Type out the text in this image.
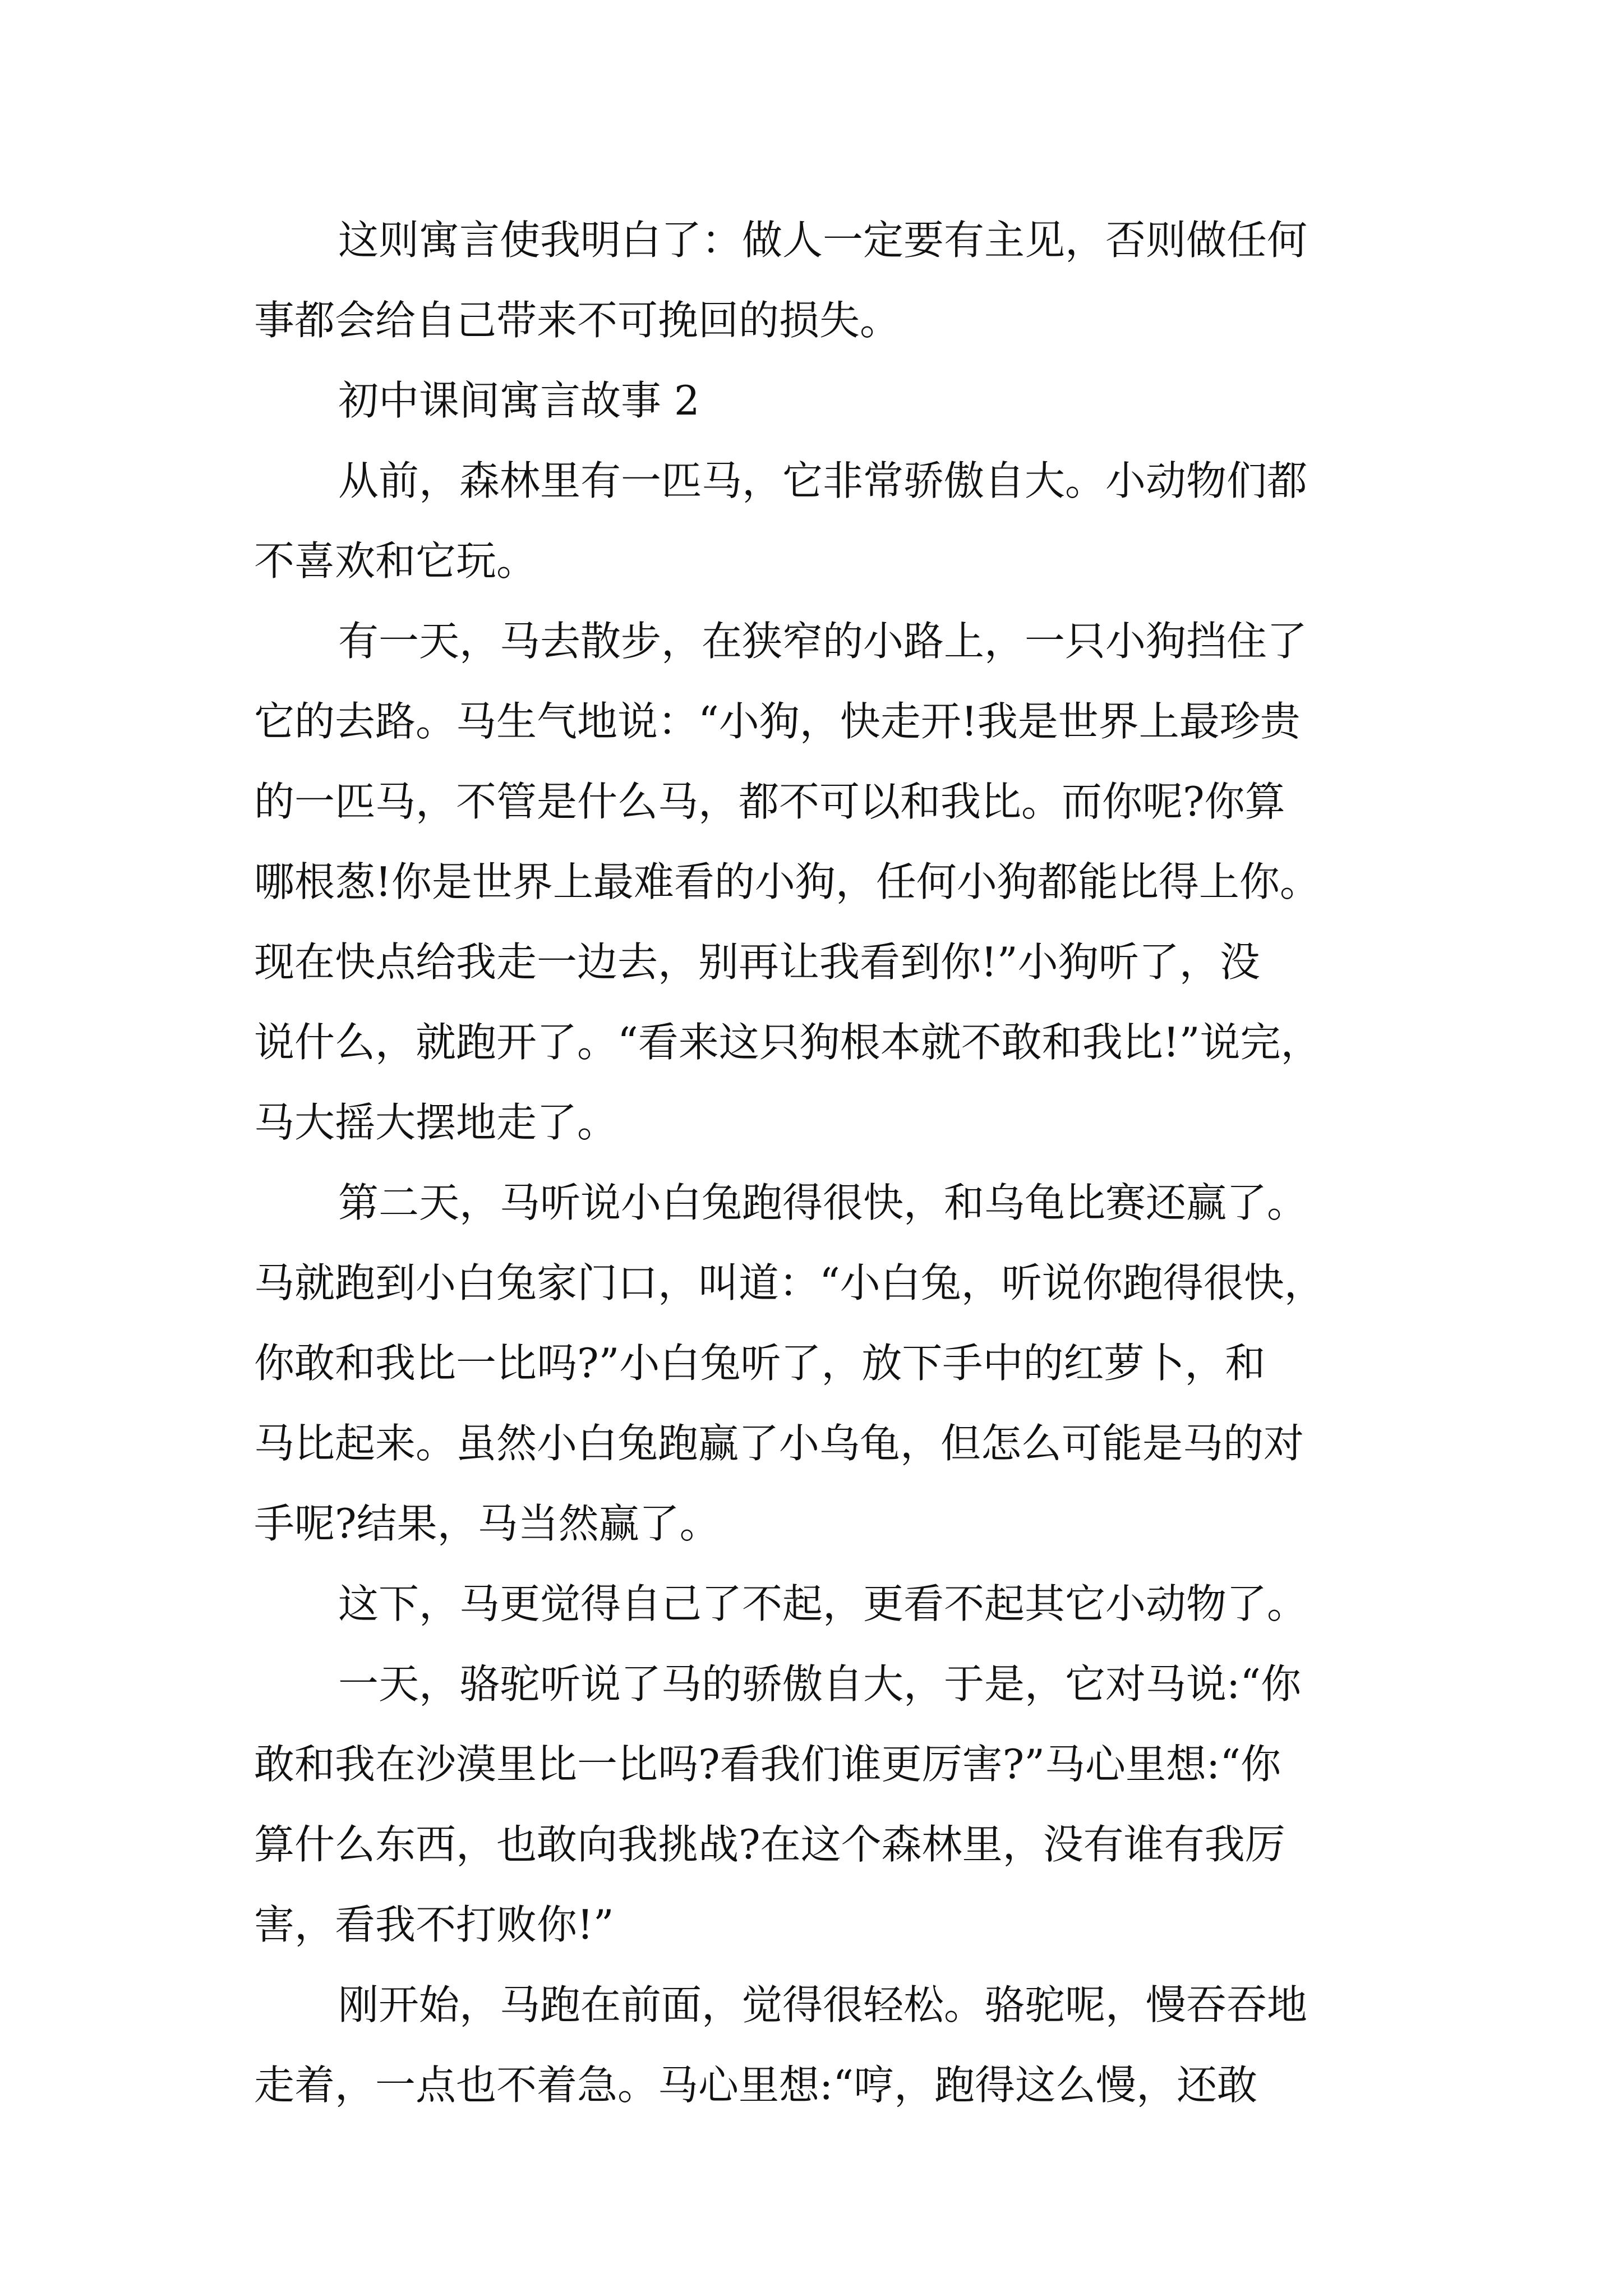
这则寓言使我明白了：做人一定要有主见，否则做任何
事都会给自己带来不可挽回的损失。

初中课间寓言故事 2

从前，森林里有一匹马，它非常骄傲自大。小动物们都
不喜欢和它玩。

有一天，马去散步，在狭窄的小路上，一只小狗挡住了
它的去路。马生气地说：“小狗，快走开!我是世界上最珍贵
的一匹马，不管是什么马，都不可以和我比。而你呢?你算
哪根葱!你是世界上最难看的小狗，任何小狗都能比得上你。
现在快点给我走一边去，别再让我看到你!”小狗听了，没
说什么，就跑开了。“看来这只狗根本就不敢和我比!”说完，
马大摇大摆地走了。

第二天，马听说小白兔跑得很快，和乌龟比赛还赢了。
马就跑到小白兔家门口，叫道：“小白兔，听说你跑得很快，
你敢和我比一比吗?”小白兔听了，放下手中的红萝卜，和
马比起来。虽然小白兔跑赢了小乌龟，但怎么可能是马的对
手呢?结果，马当然赢了。

这下，马更觉得自己了不起，更看不起其它小动物了。

一天，骆驼听说了马的骄傲自大，于是，它对马说:“你
敢和我在沙漠里比一比吗?看我们谁更厉害?”马心里想:“你
算什么东西，也敢向我挑战?在这个森林里，没有谁有我厉
害，看我不打败你!”

刚开始，马跑在前面，觉得很轻松。骆驼呢，慢吞吞地
走着，一点也不着急。马心里想:“哼，跑得这么慢，还敢
